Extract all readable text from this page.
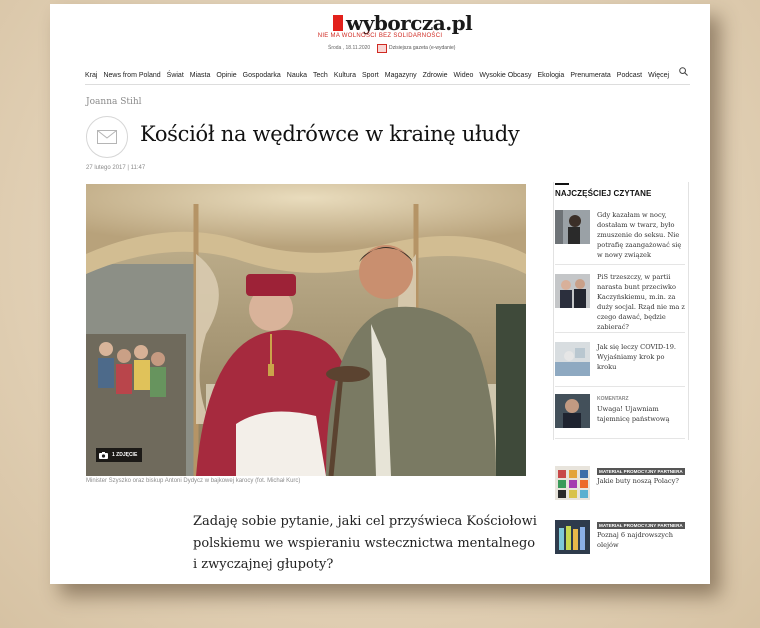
wyborcza.pl
NIE MA WOLNOŚCI BEZ SOLIDARNOŚCI
Środa , 18.11.2020	Dzisiejsza gazeta (e-wydanie)
Kraj News from Poland Świat Miasta Opinie Gospodarka Nauka Tech Kultura Sport Magazyny Zdrowie Wideo Wysokie Obcasy Ekologia Prenumerata Podcast Więcej
Joanna Stihl
Kościół na wędrówce w krainę ułudy
27 lutego 2017 | 11:47
1 ZDJĘCIE
Minister Szyszko oraz biskup Antoni Dydycz w bajkowej karocy (fot. Michał Kurc)
Zadaję sobie pytanie, jaki cel przyświeca Kościołowi polskiemu we wspieraniu wstecznictwa mentalnego i zwyczajnej głupoty?
NAJCZĘŚCIEJ CZYTANE
Gdy kazałam w nocy, dostałam w twarz, było zmuszenie do seksu. Nie potrafię zaangażować się w nowy związek
PiS trzeszczy, w partii narasta bunt przeciwko Kaczyńskiemu, m.in. za duży socjal. Rząd nie ma z czego dawać, będzie zabierać?
Jak się leczy COVID-19. Wyjaśniamy krok po kroku
KOMENTARZ
Uwaga! Ujawniam tajemnicę państwową
MATERIAŁ PROMOCYJNY PARTNERA
Jakie buty noszą Polacy?
MATERIAŁ PROMOCYJNY PARTNERA
Poznaj 6 najdrowszych olejów
